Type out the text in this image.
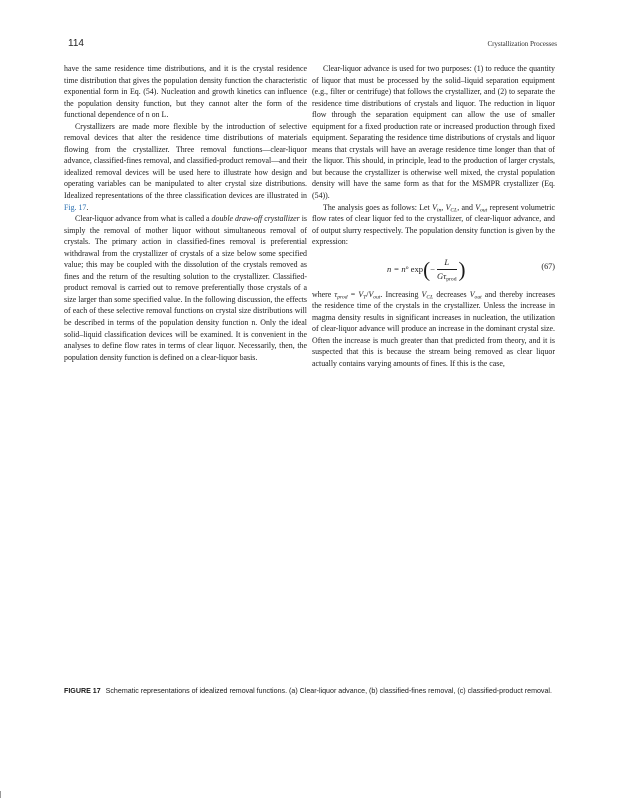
114	Crystallization Processes

have the same residence time distributions, and it is the crystal residence time distribution that gives the population density function the characteristic exponential form in Eq. (54). Nucleation and growth kinetics can influence the population density function, but they cannot alter the form of the functional dependence of n on L.

Crystallizers are made more flexible by the introduction of selective removal devices that alter the residence time distributions of materials flowing from the crystallizer. Three removal functions—clear-liquor advance, classified-fines removal, and classified-product removal—and their idealized removal devices will be used here to illustrate how design and operating variables can be manipulated to alter crystal size distributions. Idealized representations of the three classification devices are illustrated in Fig. 17.

Clear-liquor advance from what is called a double draw-off crystallizer is simply the removal of mother liquor without simultaneous removal of crystals. The primary action in classified-fines removal is preferential withdrawal from the crystallizer of crystals of a size below some specified value; this may be coupled with the dissolution of the crystals removed as fines and the return of the resulting solution to the crystallizer. Classified-product removal is carried out to remove preferentially those crystals of a size larger than some specified value. In the following discussion, the effects of each of these selective removal functions on crystal size distributions will be described in terms of the population density function n. Only the ideal solid–liquid classification devices will be examined. It is convenient in the analyses to define flow rates in terms of clear liquor. Necessarily, then, the population density function is defined on a clear-liquor basis.

Clear-liquor advance is used for two purposes: (1) to reduce the quantity of liquor that must be processed by the solid–liquid separation equipment (e.g., filter or centrifuge) that follows the crystallizer, and (2) to separate the residence time distributions of crystals and liquor. The reduction in liquor flow through the separation equipment can allow the use of smaller equipment for a fixed production rate or increased production through fixed equipment. Separating the residence time distributions of crystals and liquor means that crystals will have an average residence time longer than that of the liquor. This should, in principle, lead to the production of larger crystals, but because the crystallizer is otherwise well mixed, the crystal population density will have the same form as that for the MSMPR crystallizer (Eq. (54)).

The analysis goes as follows: Let $V_{in}$, $V_{CL}$, and $V_{out}$ represent volumetric flow rates of clear liquor fed to the crystallizer, of clear-liquor advance, and of output slurry respectively. The population density function is given by the expression:

$n = n^o$ $\exp(- \frac{L}{G\tau_{prod}}$ )	(67)

where $\tau_{prod} = V_T/V_{out}$. Increasing $V_{CL}$ decreases $V_{out}$ and thereby increases the residence time of the crystals in the crystallizer. Unless the increase in magma density results in significant increases in nucleation, the utilization of clear-liquor advance will produce an increase in the dominant crystal size. Often the increase is much greater than that predicted from theory, and it is suspected that this is because the stream being removed as clear liquor actually contains varying amounts of fines. If this is the case,

FIGURE 17 Schematic representations of idealized removal functions. (a) Clear-liquor advance, (b) classified-fines removal, (c) classified-product removal.
